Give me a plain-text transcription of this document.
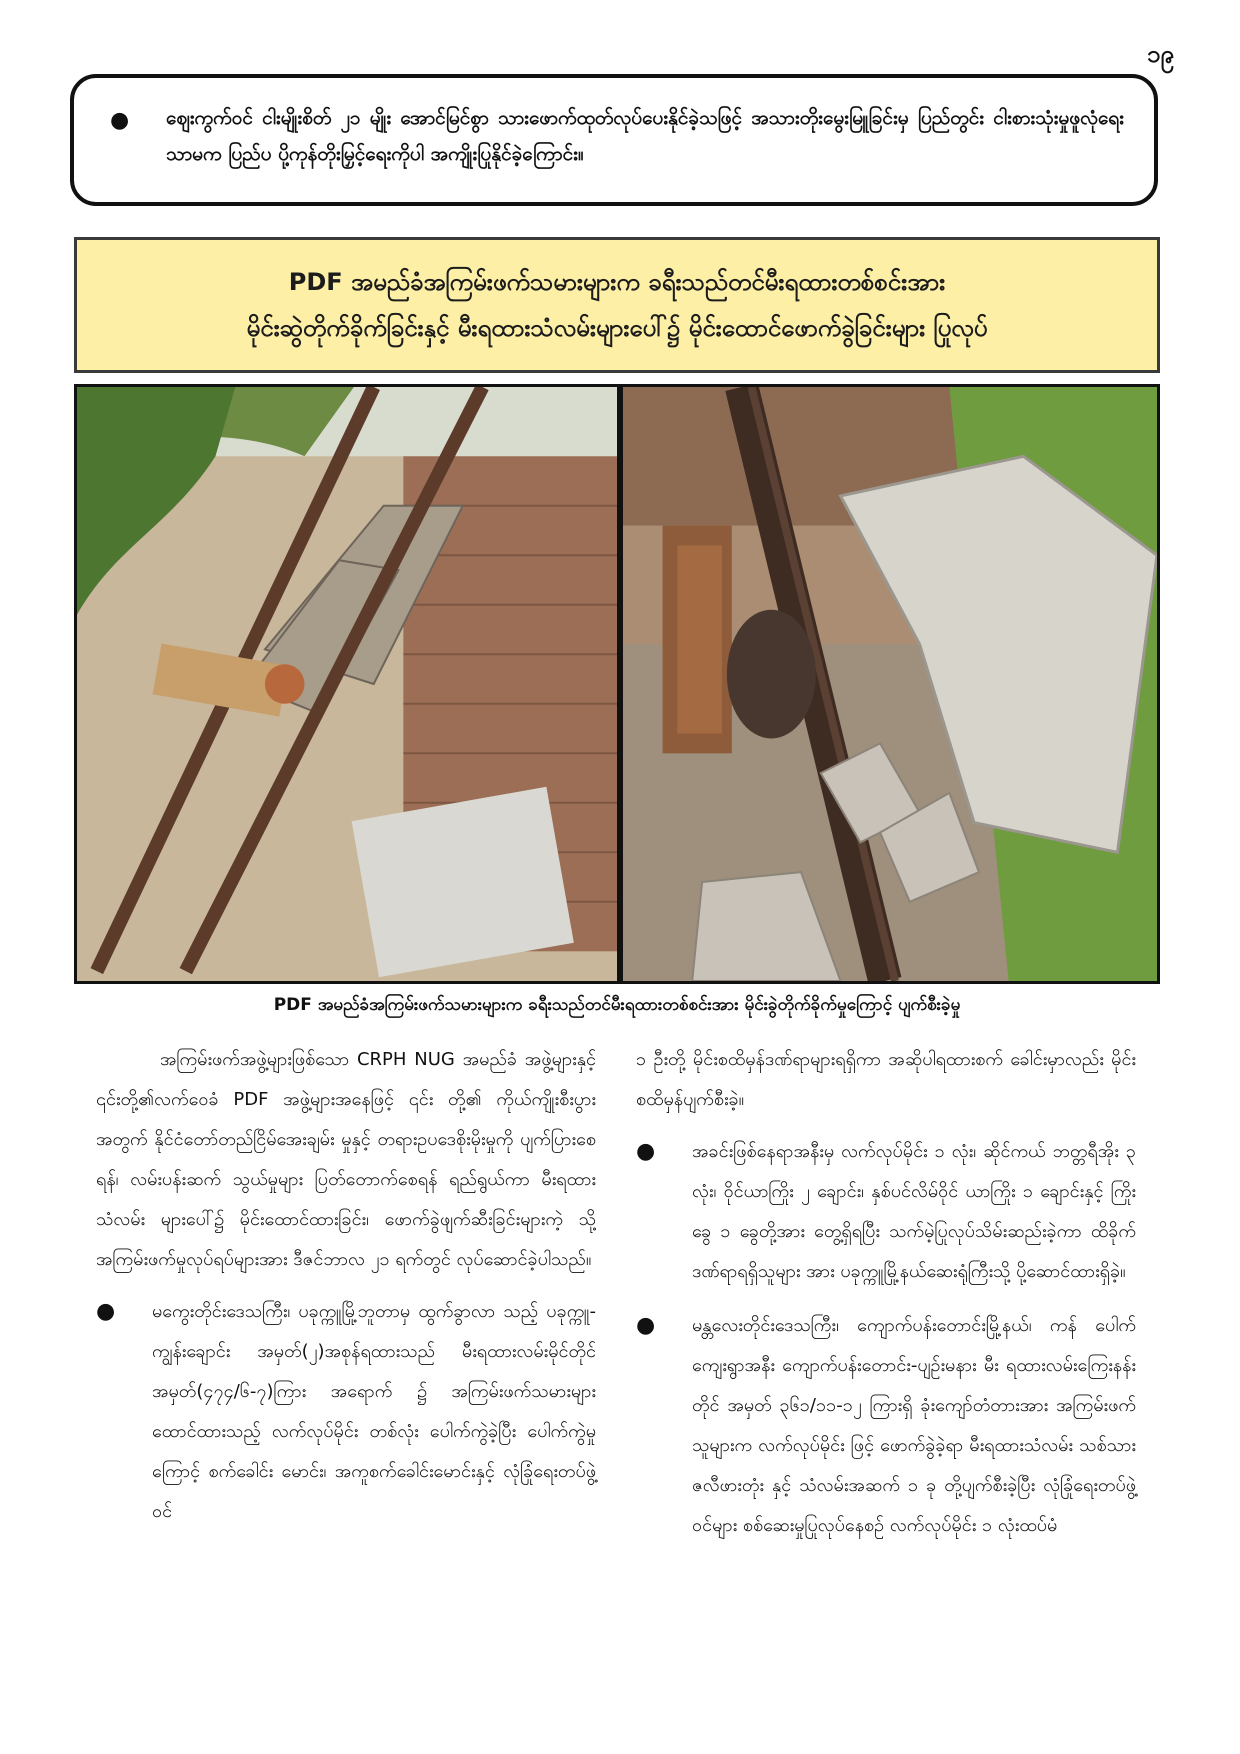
၁၉
● ဈေးကွက်ဝင် ငါးမျိုးစိတ် ၂၁ မျိုး အောင်မြင်စွာ သားဖောက်ထုတ်လုပ်ပေးနိုင်ခဲ့သဖြင့် အသားတိုးမွေးမြူခြင်းမှ ပြည်တွင်း ငါးစားသုံးမှုဖူလုံရေးသာမက ပြည်ပ ပို့ကုန်တိုးမြှင့်ရေးကိုပါ အကျိုးပြုနိုင်ခဲ့ကြောင်း။

PDF အမည်ခံအကြမ်းဖက်သမားများက ခရီးသည်တင်မီးရထားတစ်စင်းအား
မိုင်းဆွဲတိုက်ခိုက်ခြင်းနှင့် မီးရထားသံလမ်းများပေါ်၌ မိုင်းထောင်ဖောက်ခွဲခြင်းများ ပြုလုပ်
PDF အမည်ခံအကြမ်းဖက်သမားများက ခရီးသည်တင်မီးရထားတစ်စင်းအား မိုင်းခွဲတိုက်ခိုက်မှုကြောင့် ပျက်စီးခဲ့မှု

အကြမ်းဖက်အဖွဲ့များဖြစ်သော CRPH NUG အမည်ခံ အဖွဲ့များနှင့် ၎င်းတို့၏လက်ဝေခံ PDF အဖွဲ့များအနေဖြင့် ၎င်း တို့၏ ကိုယ်ကျိုးစီးပွားအတွက် နိုင်ငံတော်တည်ငြိမ်အေးချမ်း မှုနှင့် တရားဥပဒေစိုးမိုးမှုကို ပျက်ပြားစေရန်၊ လမ်းပန်းဆက် သွယ်မှုများ ပြတ်တောက်စေရန် ရည်ရွယ်ကာ မီးရထားသံလမ်း များပေါ်၌ မိုင်းထောင်ထားခြင်း၊ ဖောက်ခွဲဖျက်ဆီးခြင်းများကဲ့ သို့ အကြမ်းဖက်မှုလုပ်ရပ်များအား ဒီဇင်ဘာလ ၂၁ ရက်တွင် လုပ်ဆောင်ခဲ့ပါသည်။

● မကွေးတိုင်းဒေသကြီး၊ ပခုက္ကူမြို့ဘူတာမှ ထွက်ခွာလာ သည့် ပခုက္ကူ-ကျွန်းချောင်း အမှတ်(၂)အစုန်ရထားသည် မီးရထားလမ်းမိုင်တိုင် အမှတ်(၄၇၄/၆-၇)ကြား အရောက် ၌ အကြမ်းဖက်သမားများထောင်ထားသည့် လက်လုပ်မိုင်း တစ်လုံး ပေါက်ကွဲခဲ့ပြီး ပေါက်ကွဲမှုကြောင့် စက်ခေါင်း မောင်း၊ အကူစက်ခေါင်းမောင်းနှင့် လုံခြုံရေးတပ်ဖွဲ့ဝင်

၁ ဦးတို့ မိုင်းစထိမှန်ဒဏ်ရာများရရှိကာ အဆိုပါရထားစက် ခေါင်းမှာလည်း မိုင်းစထိမှန်ပျက်စီးခဲ့။

● အခင်းဖြစ်နေရာအနီးမှ လက်လုပ်မိုင်း ၁ လုံး၊ ဆိုင်ကယ် ဘတ္တရီအိုး ၃ လုံး၊ ဝိုင်ယာကြိုး ၂ ချောင်း၊ နှစ်ပင်လိမ်ဝိုင် ယာကြိုး ၁ ချောင်းနှင့် ကြိုးခွေ ၁ ခွေတို့အား တွေ့ရှိရပြီး သက်မဲ့ပြုလုပ်သိမ်းဆည်းခဲ့ကာ ထိခိုက်ဒဏ်ရာရရှိသူများ အား ပခုက္ကူမြို့နယ်ဆေးရုံကြီးသို့ ပို့ဆောင်ထားရှိခဲ့။
● မန္တလေးတိုင်းဒေသကြီး၊ ကျောက်ပန်းတောင်းမြို့နယ်၊ ကန် ပေါက်ကျေးရွာအနီး ကျောက်ပန်းတောင်း-ပျဉ်းမနား မီး ရထားလမ်းကြေးနန်းတိုင် အမှတ် ၃၆၁/၁၁-၁၂ ကြားရှိ ခုံးကျော်တံတားအား အကြမ်းဖက်သူများက လက်လုပ်မိုင်း ဖြင့် ဖောက်ခွဲခဲ့ရာ မီးရထားသံလမ်း သစ်သားဇလီဖားတုံး နှင့် သံလမ်းအဆက် ၁ ခု တို့ပျက်စီးခဲ့ပြီး လုံခြုံရေးတပ်ဖွဲ့ ဝင်များ စစ်ဆေးမှုပြုလုပ်နေစဉ် လက်လုပ်မိုင်း ၁ လုံးထပ်မံ
